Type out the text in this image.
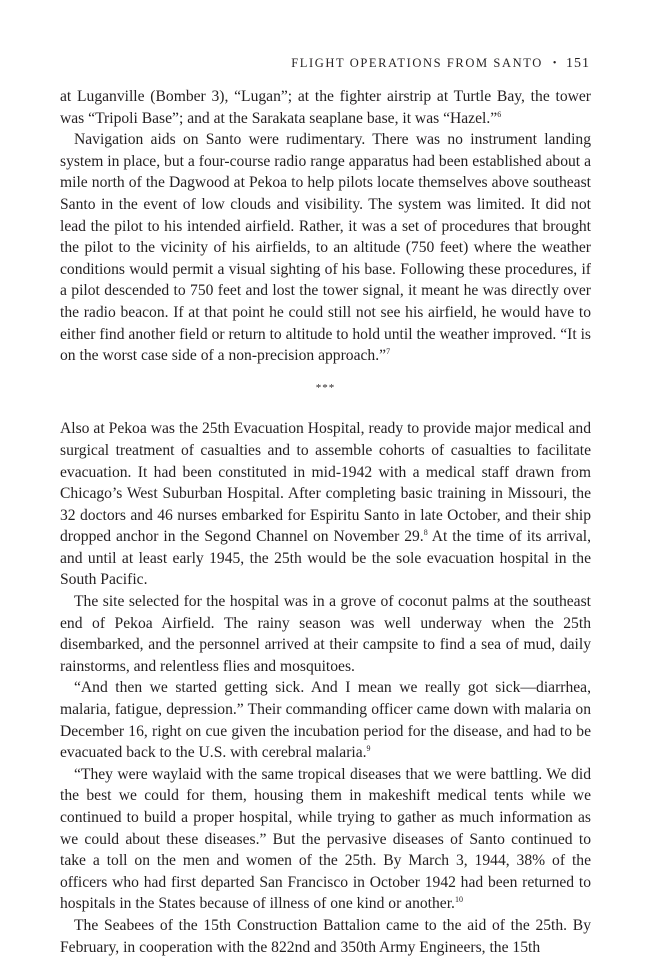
FLIGHT OPERATIONS FROM SANTO • 151

at Luganville (Bomber 3), “Lugan”; at the fighter airstrip at Turtle Bay, the tower was “Tripoli Base”; and at the Sarakata seaplane base, it was “Hazel.”$^6$

Navigation aids on Santo were rudimentary. There was no instrument landing system in place, but a four-course radio range apparatus had been established about a mile north of the Dagwood at Pekoa to help pilots locate themselves above southeast Santo in the event of low clouds and visibility. The system was limited. It did not lead the pilot to his intended airfield. Rather, it was a set of procedures that brought the pilot to the vicinity of his airfields, to an altitude (750 feet) where the weather conditions would permit a visual sighting of his base. Following these procedures, if a pilot descended to 750 feet and lost the tower signal, it meant he was directly over the radio beacon. If at that point he could still not see his airfield, he would have to either find another field or return to altitude to hold until the weather improved. “It is on the worst case side of a non-precision approach.”$^7$

***

Also at Pekoa was the 25th Evacuation Hospital, ready to provide major medical and surgical treatment of casualties and to assemble cohorts of casualties to facilitate evacuation. It had been constituted in mid-1942 with a medical staff drawn from Chicago’s West Suburban Hospital. After completing basic training in Missouri, the 32 doctors and 46 nurses embarked for Espiritu Santo in late October, and their ship dropped anchor in the Segond Channel on November 29.$^8$ At the time of its arrival, and until at least early 1945, the 25th would be the sole evacuation hospital in the South Pacific.

The site selected for the hospital was in a grove of coconut palms at the southeast end of Pekoa Airfield. The rainy season was well underway when the 25th disembarked, and the personnel arrived at their campsite to find a sea of mud, daily rainstorms, and relentless flies and mosquitoes.

“And then we started getting sick. And I mean we really got sick—diarrhea, malaria, fatigue, depression.” Their commanding officer came down with malaria on December 16, right on cue given the incubation period for the disease, and had to be evacuated back to the U.S. with cerebral malaria.$^9$

“They were waylaid with the same tropical diseases that we were battling. We did the best we could for them, housing them in makeshift medical tents while we continued to build a proper hospital, while trying to gather as much information as we could about these diseases.” But the pervasive diseases of Santo continued to take a toll on the men and women of the 25th. By March 3, 1944, 38% of the officers who had first departed San Francisco in October 1942 had been returned to hospitals in the States because of illness of one kind or another.$^{10}$

The Seabees of the 15th Construction Battalion came to the aid of the 25th. By February, in cooperation with the 822nd and 350th Army Engineers, the 15th
